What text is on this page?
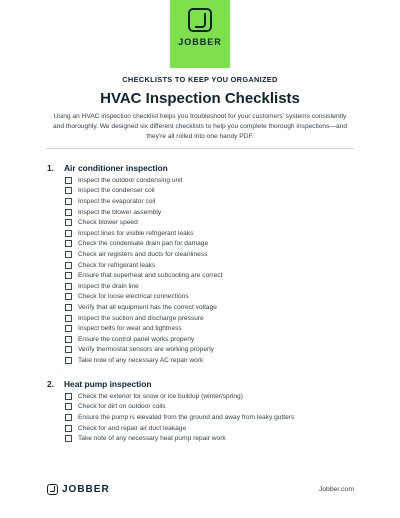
JOBBER
CHECKLISTS TO KEEP YOU ORGANIZED
HVAC Inspection Checklists
Using an HVAC inspection checklist helps you troubleshoot for your customers' systems consistently and thoroughly. We designed six different checklists to help you complete thorough inspections—and they're all rolled into one handy PDF.
1.	Air conditioner inspection
Inspect the outdoor condensing unit
Inspect the condenser coil
Inspect the evaporator coil
Inspect the blower assembly
Check blower speed
Inspect lines for visible refrigerant leaks
Check the condensate drain pan for damage
Check air registers and ducts for cleanliness
Check for refrigerant leaks
Ensure that superheat and subcooling are correct
Inspect the drain line
Check for loose electrical connections
Verify that all equipment has the correct voltage
Inspect the suction and discharge pressure
Inspect belts for wear and tightness
Ensure the control panel works properly
Verify thermostat sensors are working properly
Take note of any necessary AC repair work
2.	Heat pump inspection
Check the exterior for snow or ice buildup (winter/spring)
Check for dirt on outdoor coils
Ensure the pump is elevated from the ground and away from leaky gutters
Check for and repair air duct leakage
Take note of any necessary heat pump repair work
JOBBER	Jobber.com
